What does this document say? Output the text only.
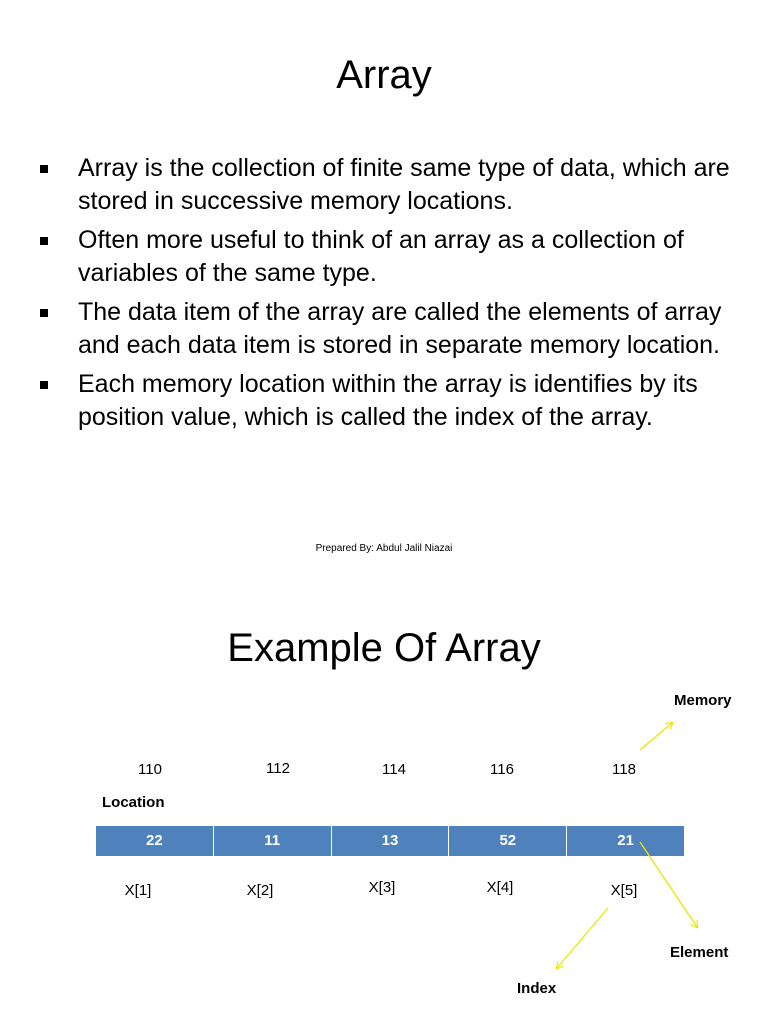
Array
Array is the collection of finite same type of data, which are stored in successive memory locations.
Often more useful to think of an array as a collection of variables of the same type.
The data item of the array are called the elements of array and each data item is stored in separate memory location.
Each memory location within the array is identifies by its position value, which is called the index of the array.
Prepared By: Abdul Jalil Niazai
Example Of Array
Memory
110	112	114	116	118
Location
22	11	13	52	21
X[1]	X[2]	X[3]	X[4]	X[5]
Element
Index
